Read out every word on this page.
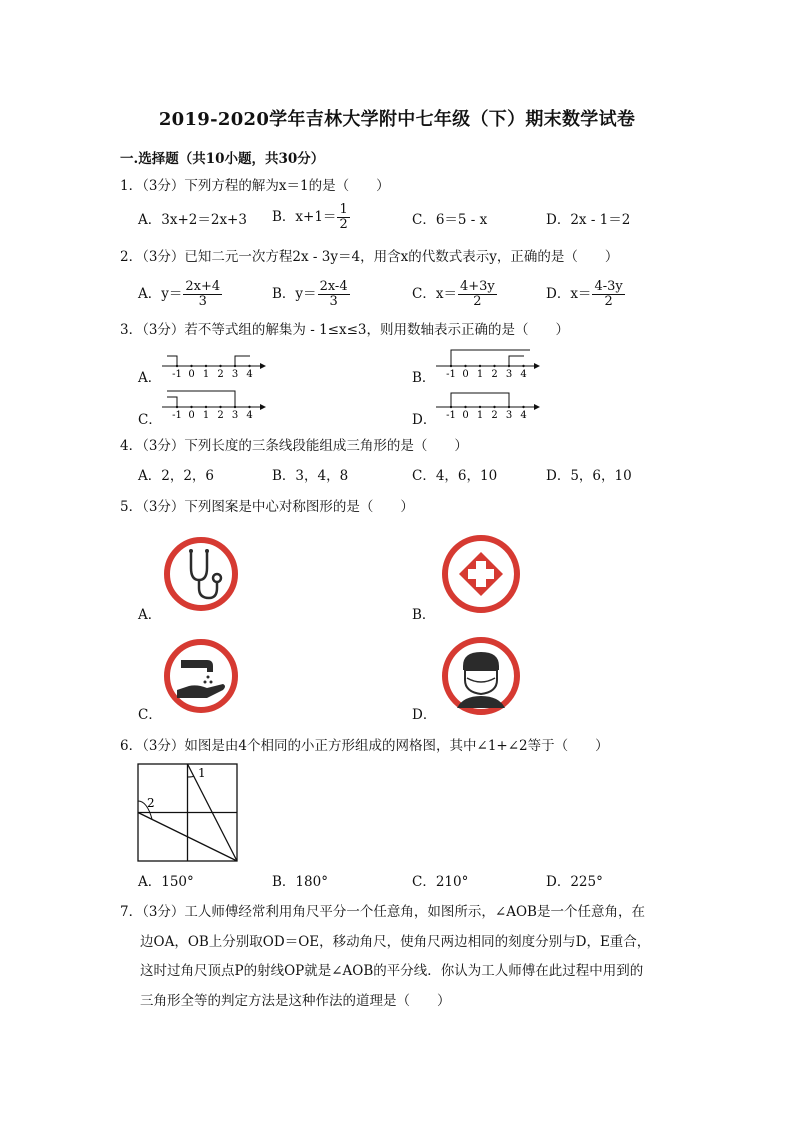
2019-2020学年吉林大学附中七年级（下）期末数学试卷
一.选择题（共10小题，共30分）
1．（3分）下列方程的解为x＝1的是（　　）
A．3x+2＝2x+3 B．$x+1= \frac{1}{2}$	C．6＝5 - x	D．2x - 1＝2
2．（3分）已知二元一次方程2x - 3y＝4，用含x的代数式表示y，正确的是（　　）
A．$y= \frac{2x+4}{3}$	B．$y= \frac{2x-4}{3}$	C．$x= \frac{4+3y}{2}$	D．$x= \frac{4-3y}{2}$
3．（3分）若不等式组的解集为 - 1≤x≤3，则用数轴表示正确的是（　　）
A． -1 0 1 2 3 4	B． -1 0 1 2 3 4
C． -1 0 1 2 3 4	D． -1 0 1 2 3 4
4．（3分）下列长度的三条线段能组成三角形的是（　　）
A．2，2，6	B．3，4，8	C．4，6，10	D．5，6，10
5．（3分）下列图案是中心对称图形的是（　　）
A．	B．
C．	D．
6．（3分）如图是由4个相同的小正方形组成的网格图，其中∠1+∠2等于（　　）
1
2
A．150°	B．180°	C．210°	D．225°
7．（3分）工人师傅经常利用角尺平分一个任意角，如图所示，∠AOB是一个任意角，在
边OA，OB上分别取OD＝OE，移动角尺，使角尺两边相同的刻度分别与D，E重合，
这时过角尺顶点P的射线OP就是∠AOB的平分线．你认为工人师傅在此过程中用到的
三角形全等的判定方法是这种作法的道理是（　　）
